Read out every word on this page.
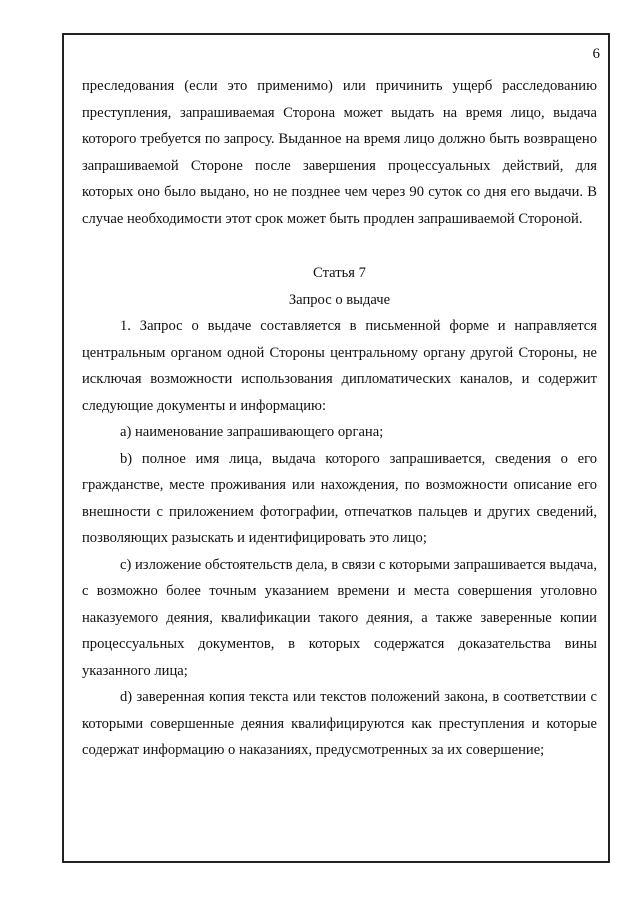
6

преследования (если это применимо) или причинить ущерб расследованию преступления, запрашиваемая Сторона может выдать на время лицо, выдача которого требуется по запросу. Выданное на время лицо должно быть возвращено запрашиваемой Стороне после завершения процессуальных действий, для которых оно было выдано, но не позднее чем через 90 суток со дня его выдачи. В случае необходимости этот срок может быть продлен запрашиваемой Стороной.

Статья 7

Запрос о выдаче

1. Запрос о выдаче составляется в письменной форме и направляется центральным органом одной Стороны центральному органу другой Стороны, не исключая возможности использования дипломатических каналов, и содержит следующие документы и информацию:

a) наименование запрашивающего органа;

b) полное имя лица, выдача которого запрашивается, сведения о его гражданстве, месте проживания или нахождения, по возможности описание его внешности с приложением фотографии, отпечатков пальцев и других сведений, позволяющих разыскать и идентифицировать это лицо;

c) изложение обстоятельств дела, в связи с которыми запрашивается выдача, с возможно более точным указанием времени и места совершения уголовно наказуемого деяния, квалификации такого деяния, а также заверенные копии процессуальных документов, в которых содержатся доказательства вины указанного лица;

d) заверенная копия текста или текстов положений закона, в соответствии с которыми совершенные деяния квалифицируются как преступления и которые содержат информацию о наказаниях, предусмотренных за их совершение;
